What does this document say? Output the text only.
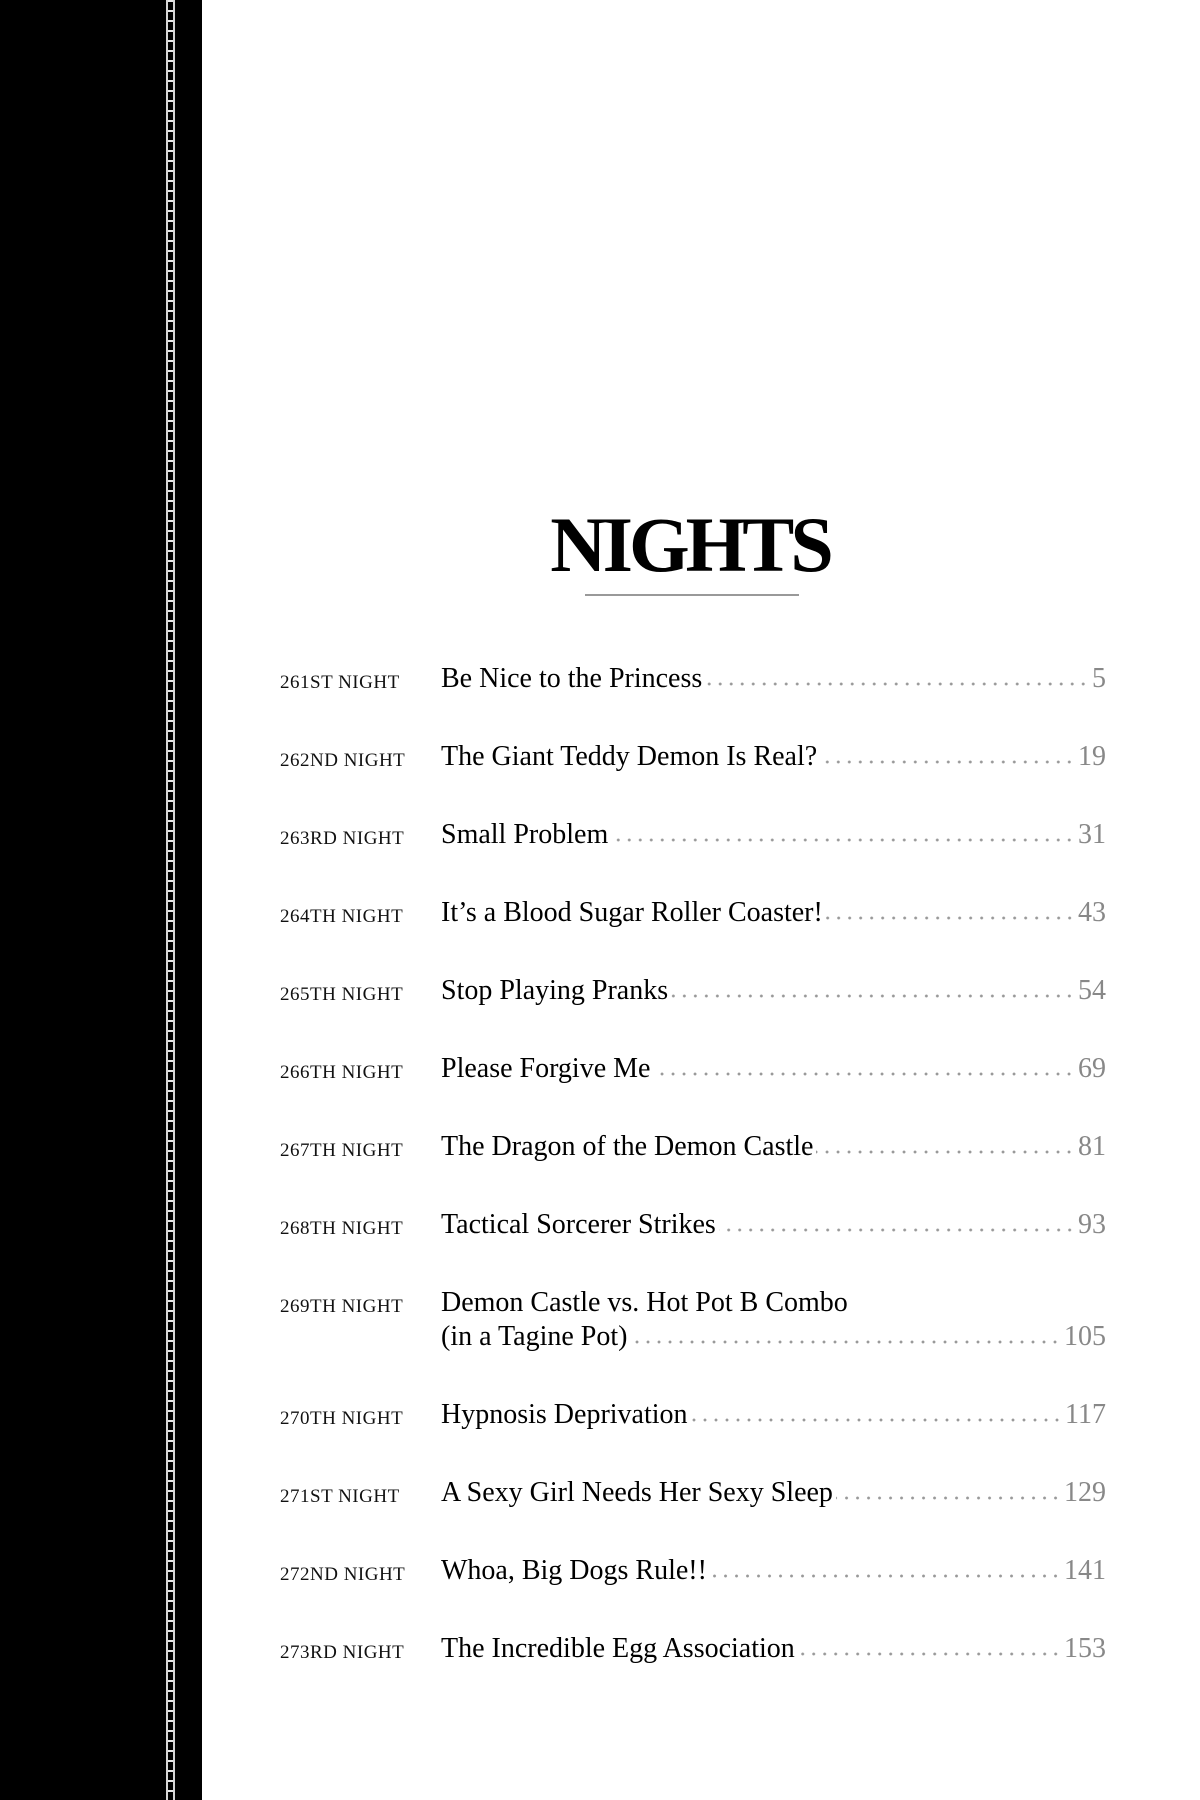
NIGHTS
261ST NIGHT	Be Nice to the Princess	5
262ND NIGHT	The Giant Teddy Demon Is Real?	19
263RD NIGHT	Small Problem	31
264TH NIGHT	It’s a Blood Sugar Roller Coaster!	43
265TH NIGHT	Stop Playing Pranks	54
266TH NIGHT	Please Forgive Me	69
267TH NIGHT	The Dragon of the Demon Castle	81
268TH NIGHT	Tactical Sorcerer Strikes	93
269TH NIGHT	Demon Castle vs. Hot Pot B Combo
(in a Tagine Pot)	105
270TH NIGHT	Hypnosis Deprivation	117
271ST NIGHT	A Sexy Girl Needs Her Sexy Sleep	129
272ND NIGHT	Whoa, Big Dogs Rule!!	141
273RD NIGHT	The Incredible Egg Association	153
